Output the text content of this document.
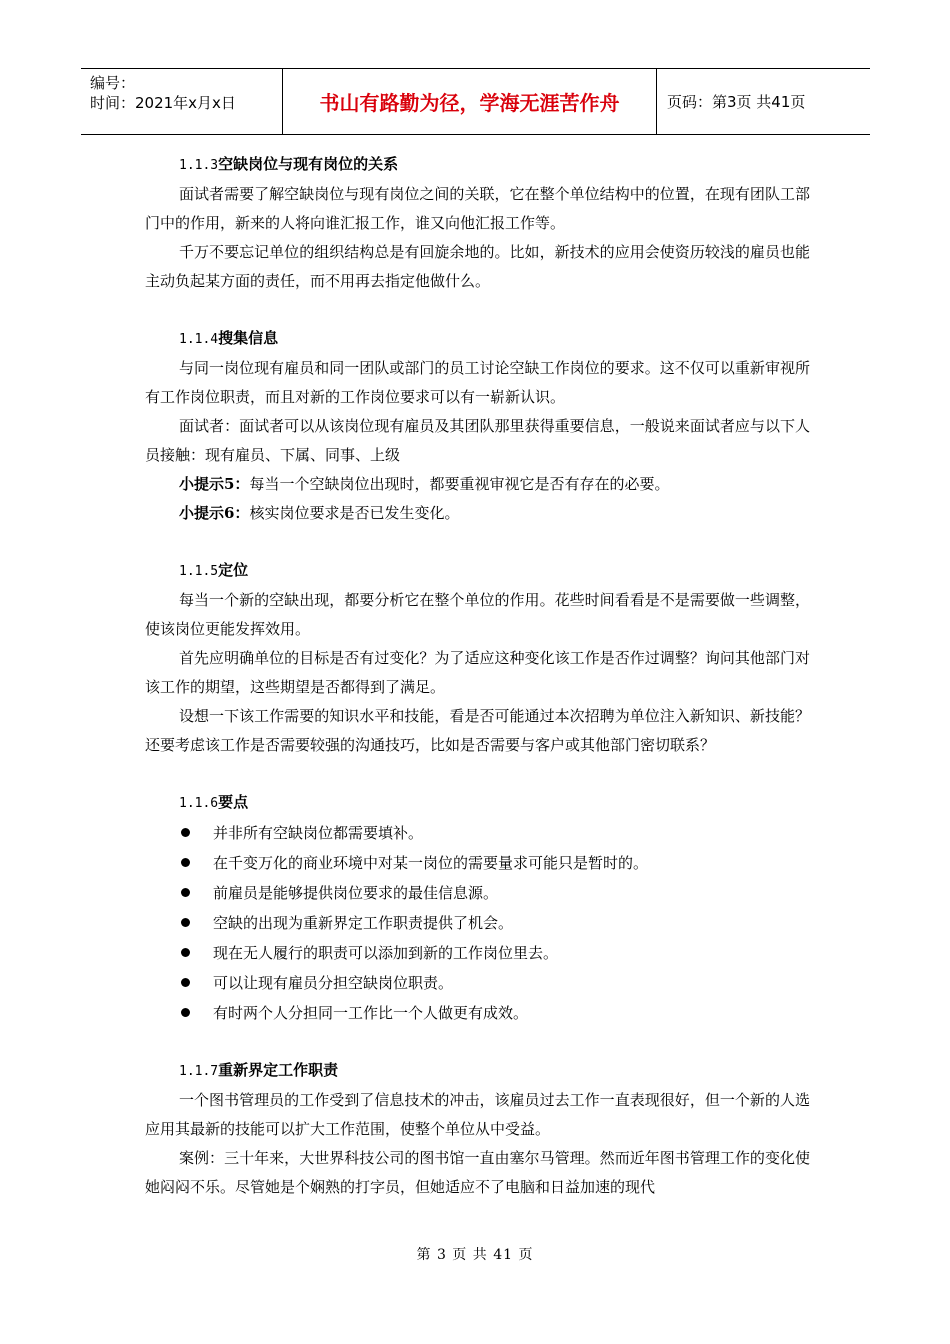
编号：
时间：2021年x月x日	书山有路勤为径，学海无涯苦作舟	页码：第3页 共41页
1.1.3空缺岗位与现有岗位的关系

面试者需要了解空缺岗位与现有岗位之间的关联，它在整个单位结构中的位置，在现有团队工部门中的作用，新来的人将向谁汇报工作，谁又向他汇报工作等。

千万不要忘记单位的组织结构总是有回旋余地的。比如，新技术的应用会使资历较浅的雇员也能主动负起某方面的责任，而不用再去指定他做什么。

1.1.4搜集信息

与同一岗位现有雇员和同一团队或部门的员工讨论空缺工作岗位的要求。这不仅可以重新审视所有工作岗位职责，而且对新的工作岗位要求可以有一崭新认识。

面试者：面试者可以从该岗位现有雇员及其团队那里获得重要信息，一般说来面试者应与以下人员接触：现有雇员、下属、同事、上级

小提示5：每当一个空缺岗位出现时，都要重视审视它是否有存在的必要。

小提示6：核实岗位要求是否已发生变化。

1.1.5定位

每当一个新的空缺出现，都要分析它在整个单位的作用。花些时间看看是不是需要做一些调整，使该岗位更能发挥效用。

首先应明确单位的目标是否有过变化？为了适应这种变化该工作是否作过调整？询问其他部门对该工作的期望，这些期望是否都得到了满足。

设想一下该工作需要的知识水平和技能，看是否可能通过本次招聘为单位注入新知识、新技能？还要考虑该工作是否需要较强的沟通技巧，比如是否需要与客户或其他部门密切联系？

1.1.6要点
并非所有空缺岗位都需要填补。
在千变万化的商业环境中对某一岗位的需要量求可能只是暂时的。
前雇员是能够提供岗位要求的最佳信息源。
空缺的出现为重新界定工作职责提供了机会。
现在无人履行的职责可以添加到新的工作岗位里去。
可以让现有雇员分担空缺岗位职责。
有时两个人分担同一工作比一个人做更有成效。
1.1.7重新界定工作职责

一个图书管理员的工作受到了信息技术的冲击，该雇员过去工作一直表现很好，但一个新的人选应用其最新的技能可以扩大工作范围，使整个单位从中受益。

案例：三十年来，大世界科技公司的图书馆一直由塞尔马管理。然而近年图书管理工作的变化使她闷闷不乐。尽管她是个娴熟的打字员，但她适应不了电脑和日益加速的现代

第 3 页 共 41 页
